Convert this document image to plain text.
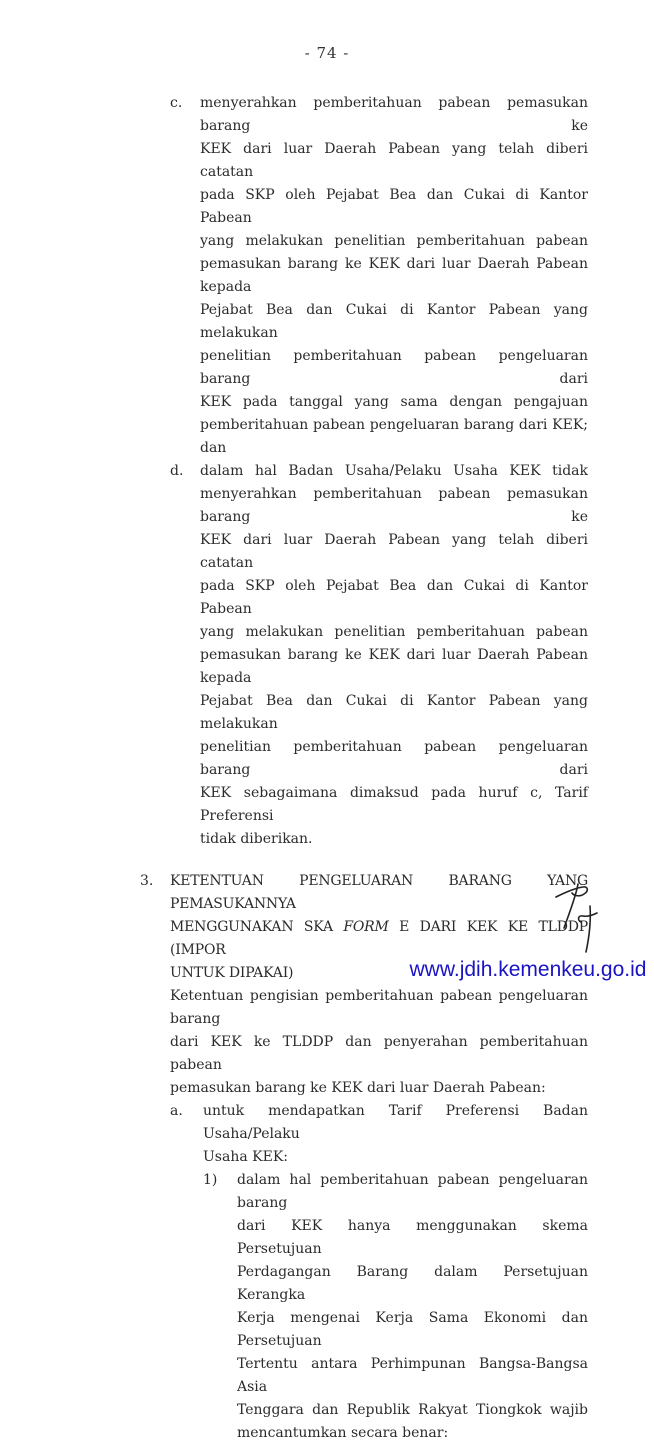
- 74 -
c.	menyerahkan pemberitahuan pabean pemasukan barang ke
KEK dari luar Daerah Pabean yang telah diberi catatan
pada SKP oleh Pejabat Bea dan Cukai di Kantor Pabean
yang melakukan penelitian pemberitahuan pabean
pemasukan barang ke KEK dari luar Daerah Pabean kepada
Pejabat Bea dan Cukai di Kantor Pabean yang melakukan
penelitian pemberitahuan pabean pengeluaran barang dari
KEK pada tanggal yang sama dengan pengajuan
pemberitahuan pabean pengeluaran barang dari KEK; dan
d.	dalam hal Badan Usaha/Pelaku Usaha KEK tidak
menyerahkan pemberitahuan pabean pemasukan barang ke
KEK dari luar Daerah Pabean yang telah diberi catatan
pada SKP oleh Pejabat Bea dan Cukai di Kantor Pabean
yang melakukan penelitian pemberitahuan pabean
pemasukan barang ke KEK dari luar Daerah Pabean kepada
Pejabat Bea dan Cukai di Kantor Pabean yang melakukan
penelitian pemberitahuan pabean pengeluaran barang dari
KEK sebagaimana dimaksud pada huruf c, Tarif Preferensi
tidak diberikan.
3.	KETENTUAN PENGELUARAN BARANG YANG PEMASUKANNYA
MENGGUNAKAN SKA FORM E DARI KEK KE TLDDP (IMPOR
UNTUK DIPAKAI)
Ketentuan pengisian pemberitahuan pabean pengeluaran barang
dari KEK ke TLDDP dan penyerahan pemberitahuan pabean
pemasukan barang ke KEK dari luar Daerah Pabean:
a.	untuk mendapatkan Tarif Preferensi Badan Usaha/Pelaku
Usaha KEK:
1)	dalam hal pemberitahuan pabean pengeluaran barang
dari KEK hanya menggunakan skema Persetujuan
Perdagangan Barang dalam Persetujuan Kerangka
Kerja mengenai Kerja Sama Ekonomi dan Persetujuan
Tertentu antara Perhimpunan Bangsa-Bangsa Asia
Tenggara dan Republik Rakyat Tiongkok wajib
mencantumkan secara benar:
www.jdih.kemenkeu.go.id
